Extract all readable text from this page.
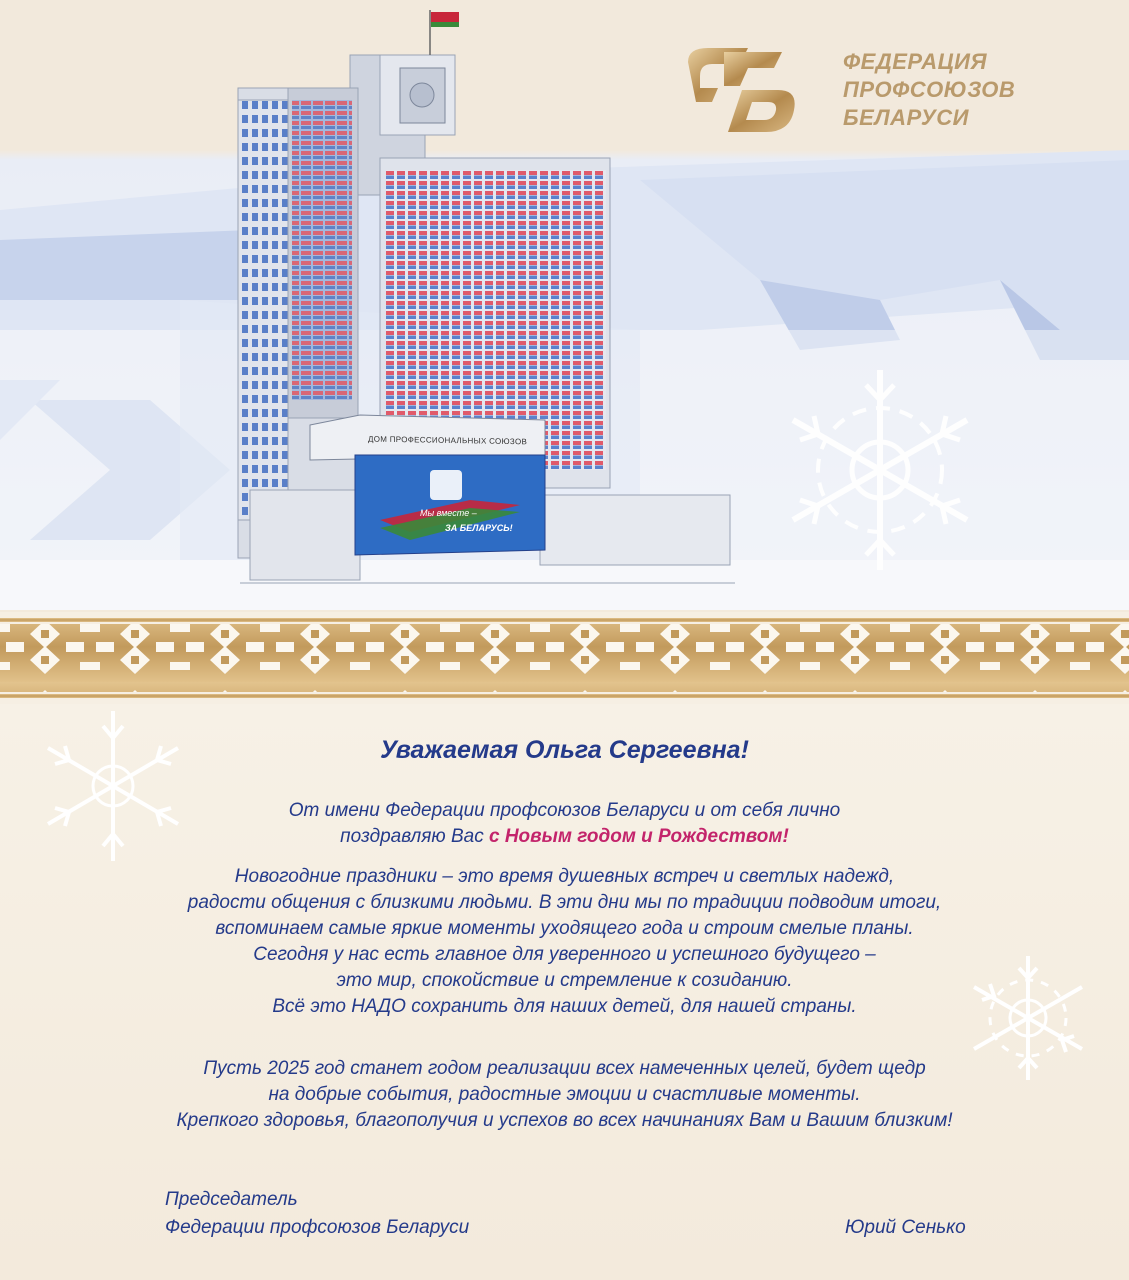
ФЕДЕРАЦИЯ
ПРОФСОЮЗОВ
БЕЛАРУСИ
ДОМ ПРОФЕССИОНАЛЬНЫХ СОЮЗОВ
Мы вместе –
ЗА БЕЛАРУСЬ!
Уважаемая Ольга Сергеевна!
От имени Федерации профсоюзов Беларуси и от себя лично
поздравляю Вас с Новым годом и Рождеством!
Новогодние праздники – это время душевных встреч и светлых надежд,
радости общения с близкими людьми. В эти дни мы по традиции подводим итоги,
вспоминаем самые яркие моменты уходящего года и строим смелые планы.
Сегодня у нас есть главное для уверенного и успешного будущего –
это мир, спокойствие и стремление к созиданию.
Всё это НАДО сохранить для наших детей, для нашей страны.
Пусть 2025 год станет годом реализации всех намеченных целей, будет щедр
на добрые события, радостные эмоции и счастливые моменты.
Крепкого здоровья, благополучия и успехов во всех начинаниях Вам и Вашим близким!
Председатель
Федерации профсоюзов Беларуси	Юрий Сенько
